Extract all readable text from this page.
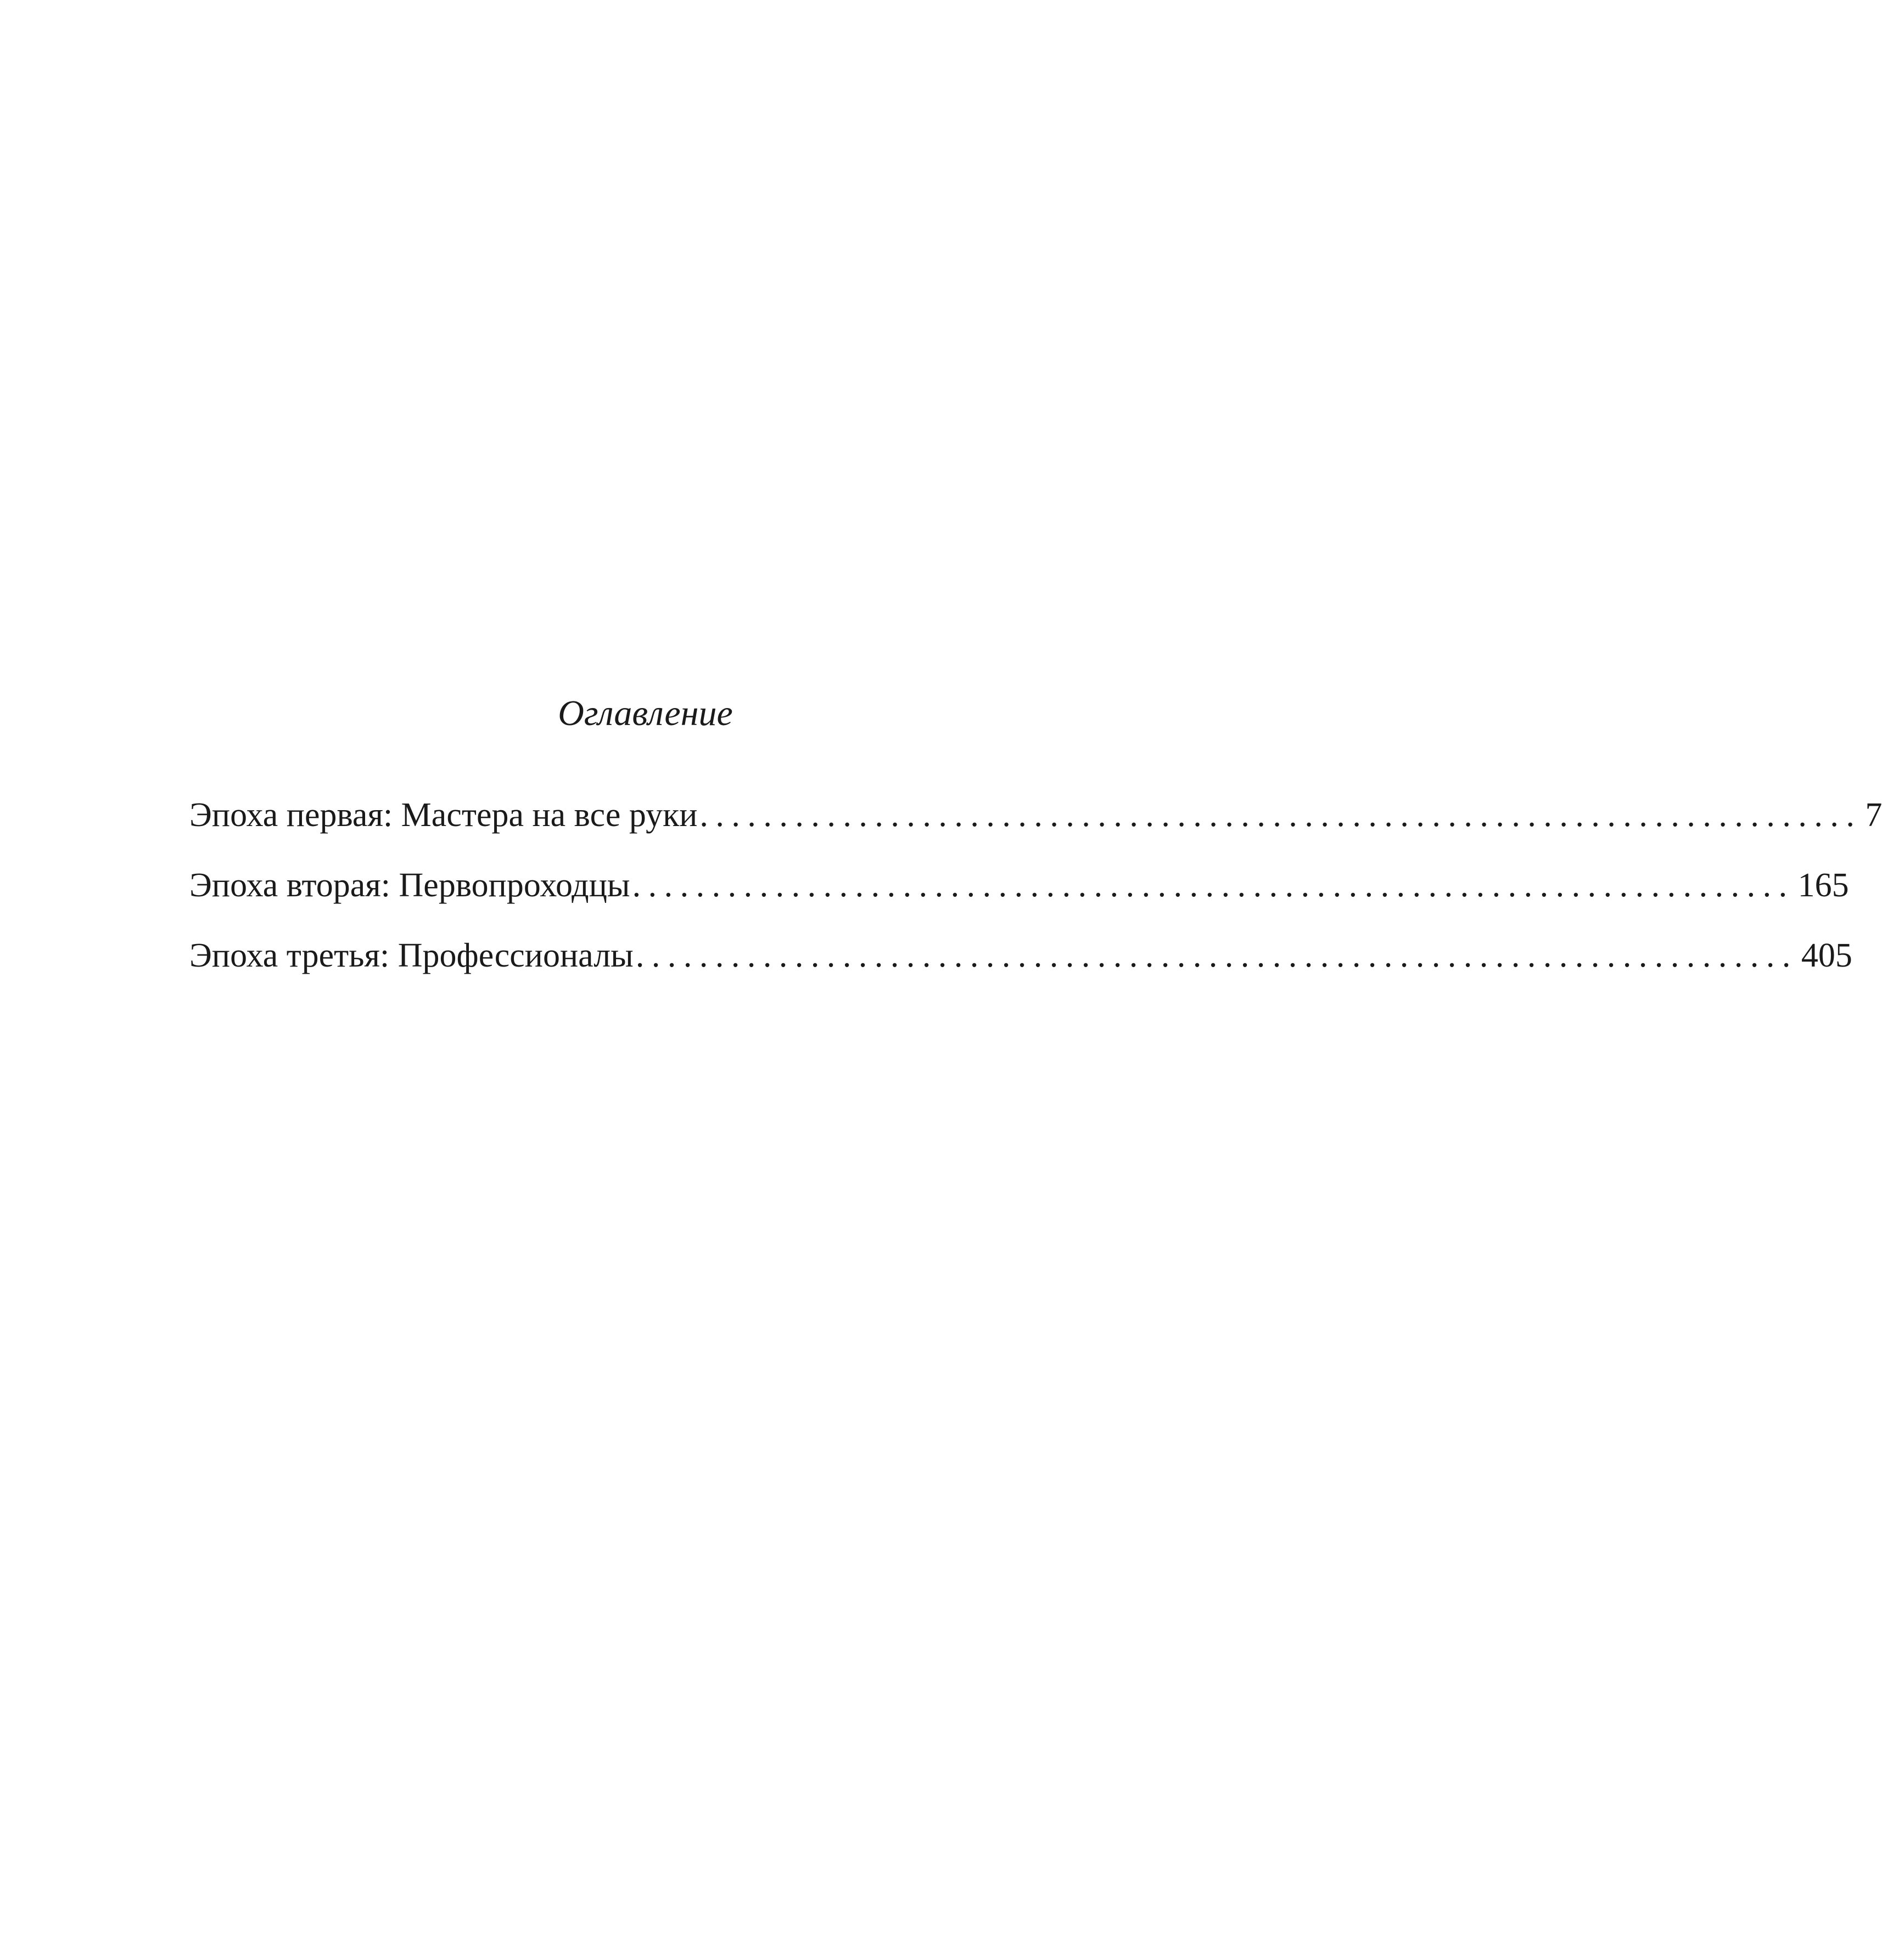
Оглавление
Эпоха первая: Мастера на все руки ......................................................................... 7
Эпоха вторая: Первопроходцы ......................................................................... 165
Эпоха третья: Профессионалы ......................................................................... 405
